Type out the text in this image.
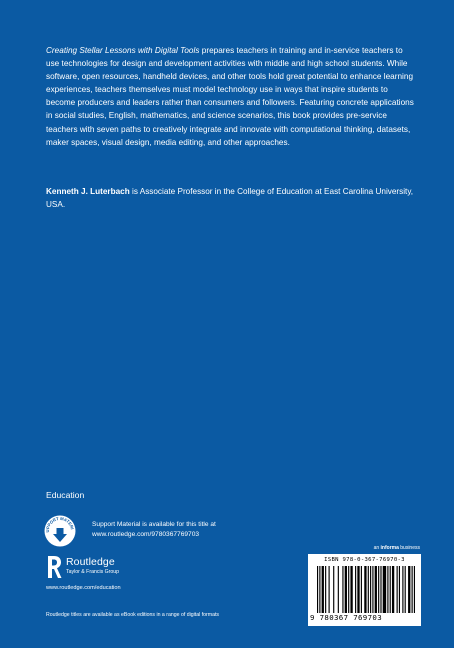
Creating Stellar Lessons with Digital Tools prepares teachers in training and in-service teachers to use technologies for design and development activities with middle and high school students. While software, open resources, handheld devices, and other tools hold great potential to enhance learning experiences, teachers themselves must model technology use in ways that inspire students to become producers and leaders rather than consumers and followers. Featuring concrete applications in social studies, English, mathematics, and science scenarios, this book provides pre-service teachers with seven paths to creatively integrate and innovate with computational thinking, datasets, maker spaces, visual design, media editing, and other approaches.
Kenneth J. Luterbach is Associate Professor in the College of Education at East Carolina University, USA.
Education
UPPORT MATERI
Support Material is available for this title at
www.routledge.com/9780367769703
Routledge
Taylor & Francis Group
www.routledge.com/education
Routledge titles are available as eBook editions in a range of digital formats
an informa business
ISBN 978-0-367-76970-3
9 780367 769703
